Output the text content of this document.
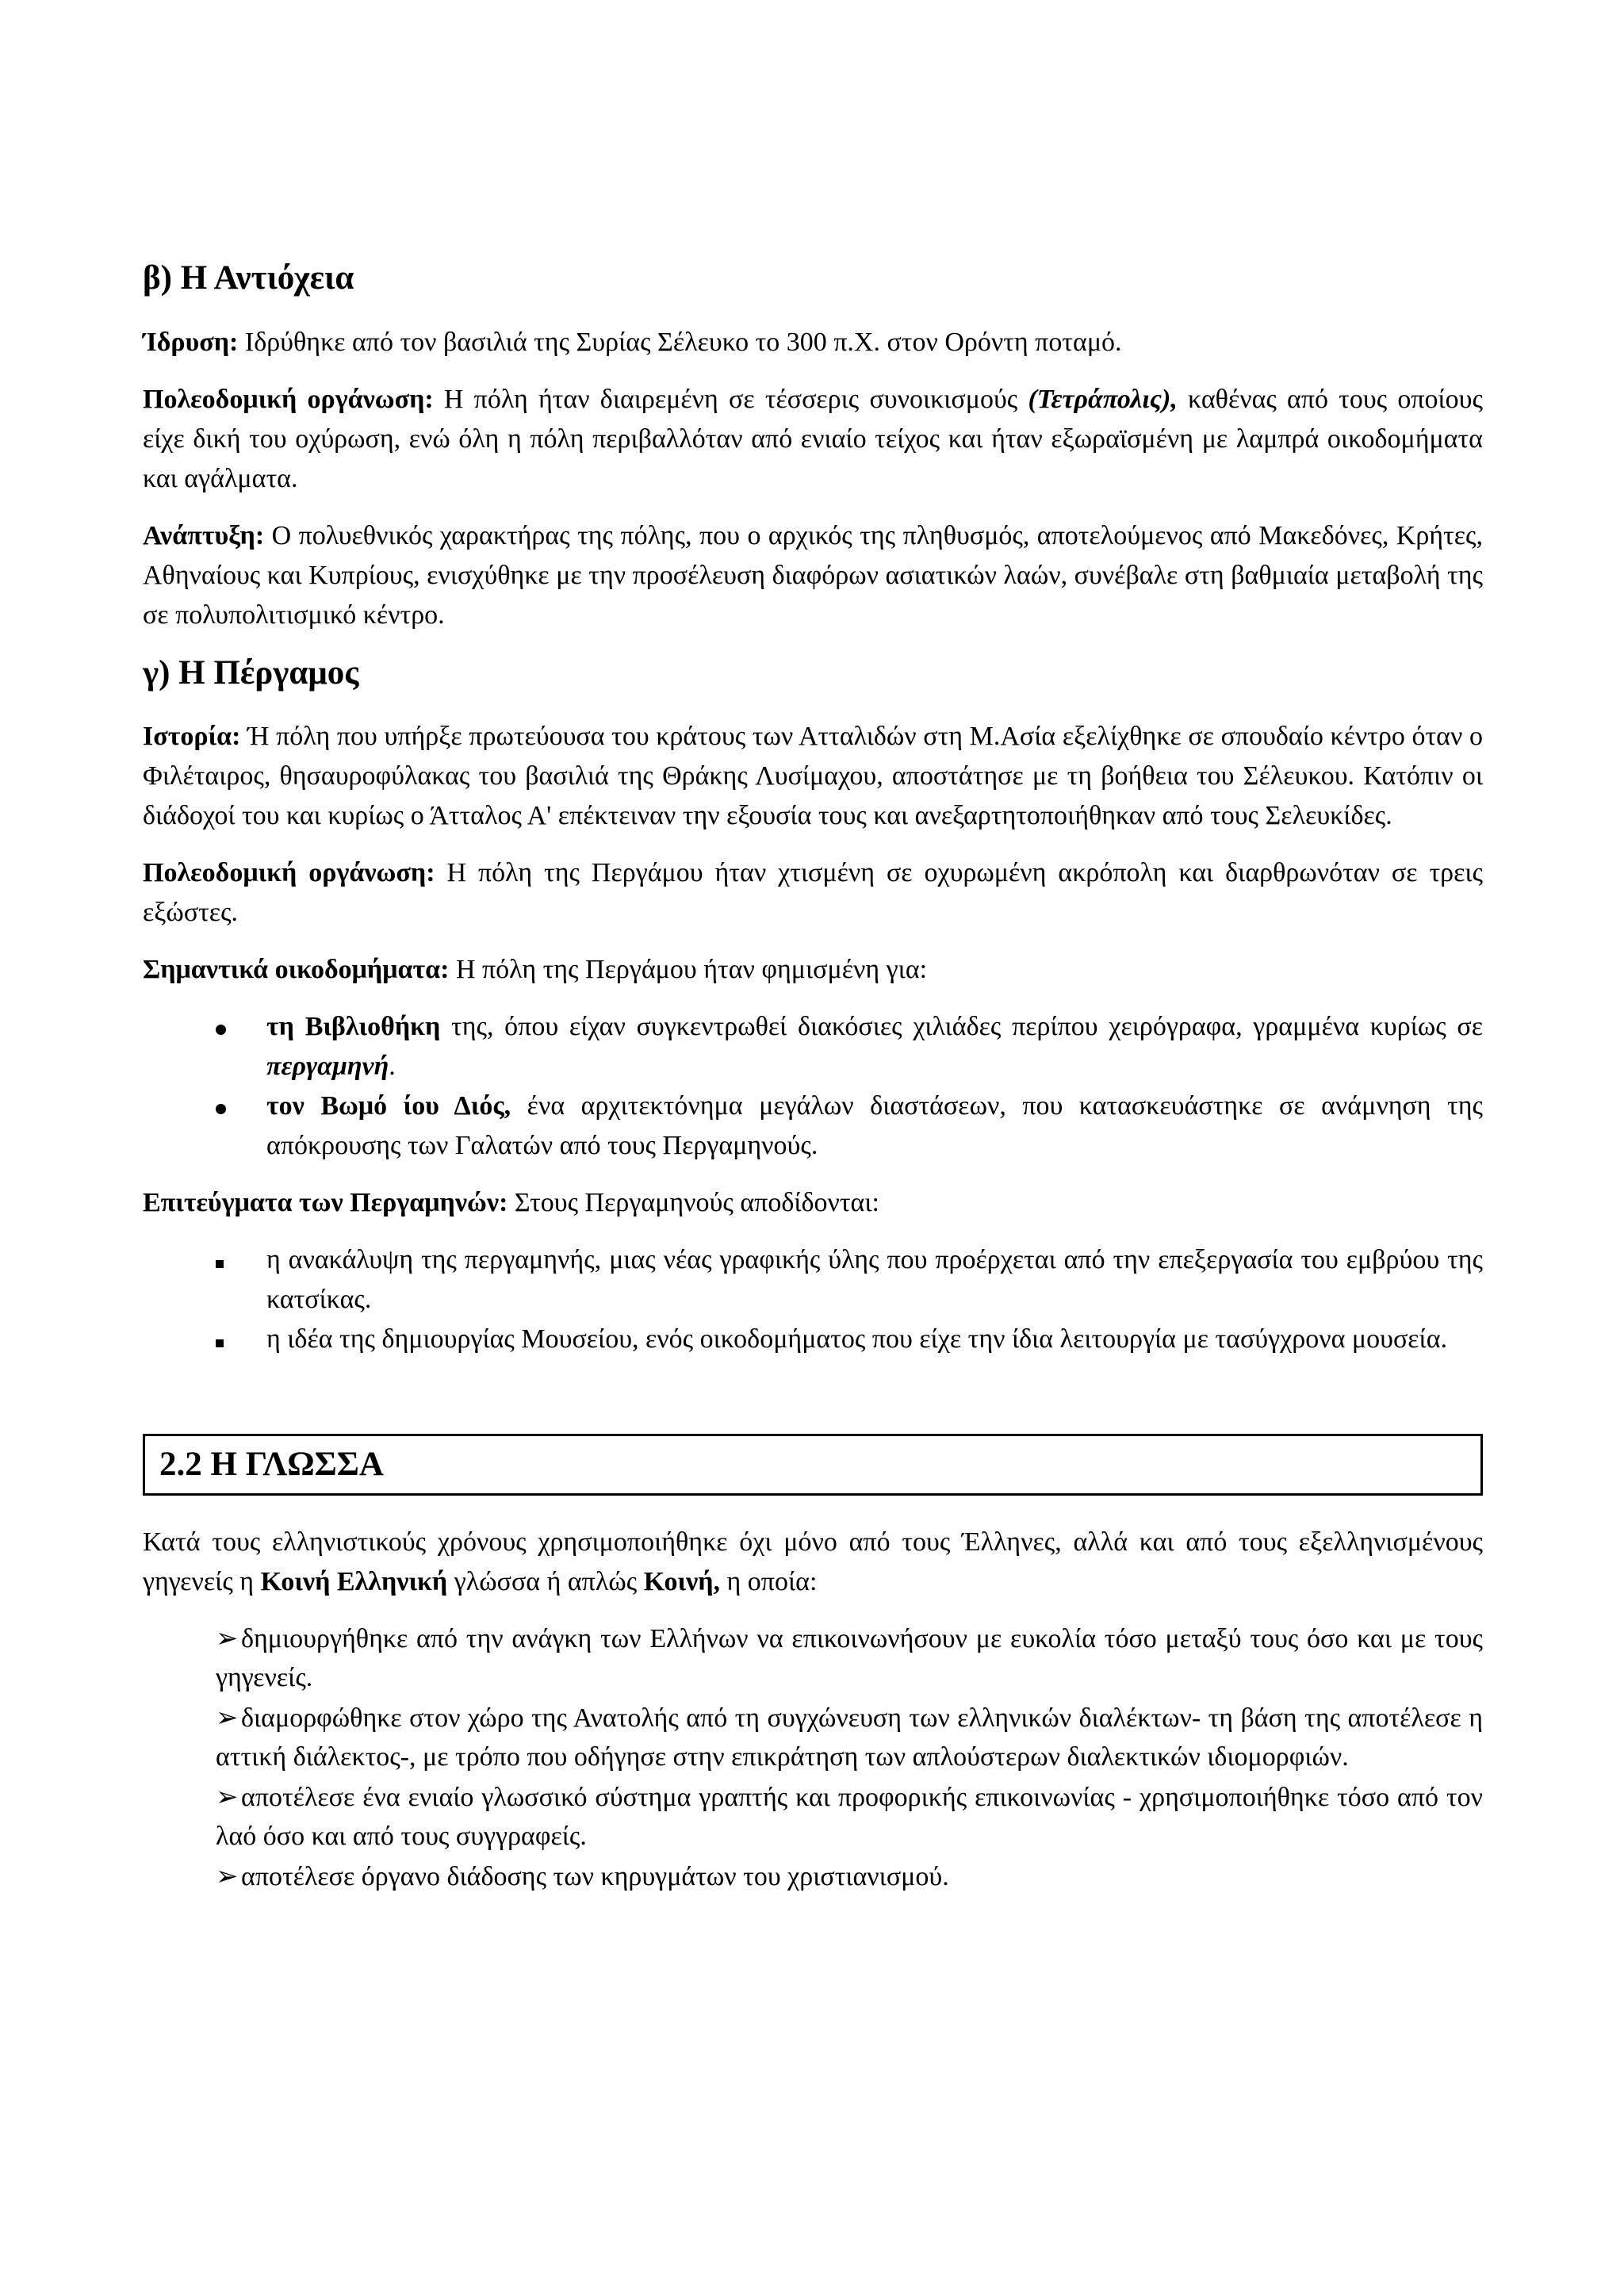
β) Η Αντιόχεια

Ίδρυση: Ιδρύθηκε από τον βασιλιά της Συρίας Σέλευκο το 300 π.Χ. στον Ορόντη ποταμό.

Πολεοδομική οργάνωση: Η πόλη ήταν διαιρεμένη σε τέσσερις συνοικισμούς (Τετράπολις), καθένας από τους οποίους είχε δική του οχύρωση, ενώ όλη η πόλη περιβαλλόταν από ενιαίο τείχος και ήταν εξωραϊσμένη με λαμπρά οικοδομήματα και αγάλματα.

Ανάπτυξη: Ο πολυεθνικός χαρακτήρας της πόλης, που ο αρχικός της πληθυσμός, αποτελούμενος από Μακεδόνες, Κρήτες, Αθηναίους και Κυπρίους, ενισχύθηκε με την προσέλευση διαφόρων ασιατικών λαών, συνέβαλε στη βαθμιαία μεταβολή της σε πολυπολιτισμικό κέντρο.

γ) Η Πέργαμος

Ιστορία: Ή πόλη που υπήρξε πρωτεύουσα του κράτους των Ατταλιδών στη Μ.Ασία εξελίχθηκε σε σπουδαίο κέντρο όταν ο Φιλέταιρος, θησαυροφύλακας του βασιλιά της Θράκης Λυσίμαχου, αποστάτησε με τη βοήθεια του Σέλευκου. Κατόπιν οι διάδοχοί του και κυρίως ο Άτταλος Α' επέκτειναν την εξουσία τους και ανεξαρτητοποιήθηκαν από τους Σελευκίδες.

Πολεοδομική οργάνωση: Η πόλη της Περγάμου ήταν χτισμένη σε οχυρωμένη ακρόπολη και διαρθρωνόταν σε τρεις εξώστες.

Σημαντικά οικοδομήματα: Η πόλη της Περγάμου ήταν φημισμένη για:

τη Βιβλιοθήκη της, όπου είχαν συγκεντρωθεί διακόσιες χιλιάδες περίπου χειρόγραφα, γραμμένα κυρίως σε περγαμηνή.
τον Βωμό ίου Διός, ένα αρχιτεκτόνημα μεγάλων διαστάσεων, που κατασκευάστηκε σε ανάμνηση της απόκρουσης των Γαλατών από τους Περγαμηνούς.

Επιτεύγματα των Περγαμηνών: Στους Περγαμηνούς αποδίδονται:

η ανακάλυψη της περγαμηνής, μιας νέας γραφικής ύλης που προέρχεται από την επεξεργασία του εμβρύου της κατσίκας.
η ιδέα της δημιουργίας Μουσείου, ενός οικοδομήματος που είχε την ίδια λειτουργία με τασύγχρονα μουσεία.
2.2 Η ΓΛΩΣΣΑ

Κατά τους ελληνιστικούς χρόνους χρησιμοποιήθηκε όχι μόνο από τους Έλληνες, αλλά και από τους εξελληνισμένους γηγενείς η Κοινή Ελληνική γλώσσα ή απλώς Κοινή, η οποία:

➢ δημιουργήθηκε από την ανάγκη των Ελλήνων να επικοινωνήσουν με ευκολία τόσο μεταξύ τους όσο και με τους γηγενείς.
➢ διαμορφώθηκε στον χώρο της Ανατολής από τη συγχώνευση των ελληνικών διαλέκτων- τη βάση της αποτέλεσε η αττική διάλεκτος-, με τρόπο που οδήγησε στην επικράτηση των απλούστερων διαλεκτικών ιδιομορφιών.
➢ αποτέλεσε ένα ενιαίο γλωσσικό σύστημα γραπτής και προφορικής επικοινωνίας - χρησιμοποιήθηκε τόσο από τον λαό όσο και από τους συγγραφείς.
➢ αποτέλεσε όργανο διάδοσης των κηρυγμάτων του χριστιανισμού.
